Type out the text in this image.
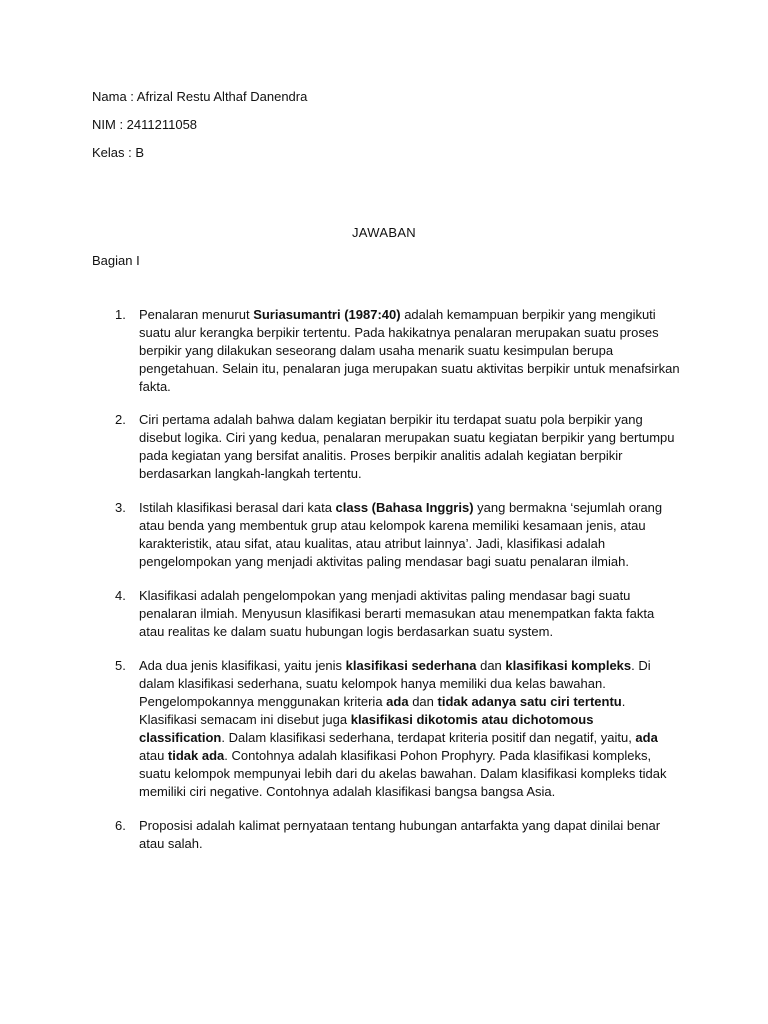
Nama : Afrizal Restu Althaf Danendra

NIM : 2411211058

Kelas : B

JAWABAN

Bagian I

1. Penalaran menurut Suriasumantri (1987:40) adalah kemampuan berpikir yang mengikuti suatu alur kerangka berpikir tertentu. Pada hakikatnya penalaran merupakan suatu proses berpikir yang dilakukan seseorang dalam usaha menarik suatu kesimpulan berupa pengetahuan. Selain itu, penalaran juga merupakan suatu aktivitas berpikir untuk menafsirkan fakta.
2. Ciri pertama adalah bahwa dalam kegiatan berpikir itu terdapat suatu pola berpikir yang disebut logika. Ciri yang kedua, penalaran merupakan suatu kegiatan berpikir yang bertumpu pada kegiatan yang bersifat analitis. Proses berpikir analitis adalah kegiatan berpikir berdasarkan langkah-langkah tertentu.
3. Istilah klasifikasi berasal dari kata class (Bahasa Inggris) yang bermakna ‘sejumlah orang atau benda yang membentuk grup atau kelompok karena memiliki kesamaan jenis, atau karakteristik, atau sifat, atau kualitas, atau atribut lainnya’. Jadi, klasifikasi adalah pengelompokan yang menjadi aktivitas paling mendasar bagi suatu penalaran ilmiah.
4. Klasifikasi adalah pengelompokan yang menjadi aktivitas paling mendasar bagi suatu penalaran ilmiah. Menyusun klasifikasi berarti memasukan atau menempatkan fakta fakta atau realitas ke dalam suatu hubungan logis berdasarkan suatu system.
5. Ada dua jenis klasifikasi, yaitu jenis klasifikasi sederhana dan klasifikasi kompleks. Di dalam klasifikasi sederhana, suatu kelompok hanya memiliki dua kelas bawahan. Pengelompokannya menggunakan kriteria ada dan tidak adanya satu ciri tertentu. Klasifikasi semacam ini disebut juga klasifikasi dikotomis atau dichotomous classification. Dalam klasifikasi sederhana, terdapat kriteria positif dan negatif, yaitu, ada atau tidak ada. Contohnya adalah klasifikasi Pohon Prophyry. Pada klasifikasi kompleks, suatu kelompok mempunyai lebih dari du akelas bawahan. Dalam klasifikasi kompleks tidak memiliki ciri negative. Contohnya adalah klasifikasi bangsa bangsa Asia.
6. Proposisi adalah kalimat pernyataan tentang hubungan antarfakta yang dapat dinilai benar atau salah.
